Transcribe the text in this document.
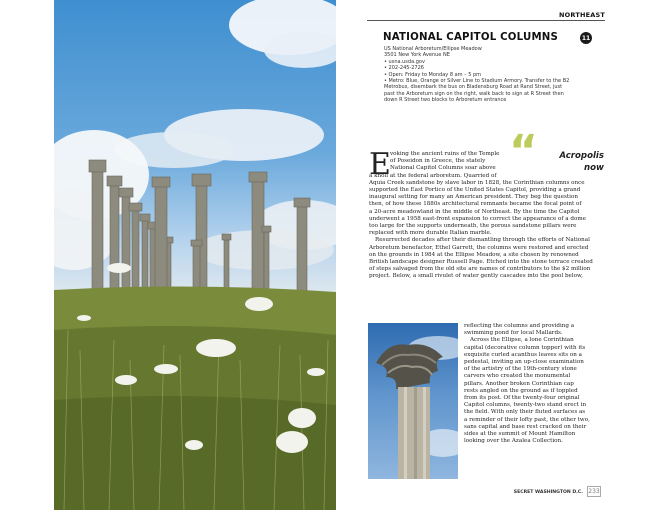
NORTHEAST
NATIONAL CAPITOL COLUMNS	11
US National Arboretum/Ellipse Meadow
3501 New York Avenue NE
• usna.usda.gov
• 202-245-2726
• Open: Friday to Monday 8 am – 5 pm
• Metro: Blue, Orange or Silver Line to Stadium Armory. Transfer to the B2
Metrobus, disembark the bus on Bladensburg Road at Rand Street, just
past the Arboretum sign on the right, walk back to sign at R Street then
down R Street two blocks to Arboretum entrance
“	Acropolis
now
E voking the ancient ruins of the Temple
of Poseidon in Greece, the stately
National Capitol Columns soar above
a knoll at the federal arboretum. Quarried of
Aquia Creek sandstone by slave labor in 1828, the Corinthian columns once
supported the East Portico of the United States Capitol, providing a grand
inaugural setting for many an American president. They beg the question
then, of how these 1880s architectural remnants became the focal point of
a 20-acre meadowland in the middle of Northeast. By the time the Capitol
underwent a 1958 east-front expansion to correct the appearance of a dome
too large for the supports underneath, the porous sandstone pillars were
replaced with more durable Italian marble.
Resurrected decades after their dismantling through the efforts of National
Arboretum benefactor, Ethel Garrett, the columns were restored and erected
on the grounds in 1984 at the Ellipse Meadow, a site chosen by renowned
British landscape designer Russell Page. Etched into the stone terrace created
of steps salvaged from the old site are names of contributors to the $2 million
project. Below, a small rivulet of water gently cascades into the pool below,
reflecting the columns and providing a
swimming pond for local Mallards.
Across the Ellipse, a lone Corinthian
capital (decorative column topper) with its
exquisite curled acanthus leaves sits on a
pedestal, inviting an up-close examination
of the artistry of the 19th-century stone
carvers who created the monumental
pillars. Another broken Corinthian cap
rests angled on the ground as if toppled
from its post. Of the twenty-four original
Capitol columns, twenty-two stand erect in
the field. With only their fluted surfaces as
a reminder of their lofty past, the other two,
sans capital and base rest cracked on their
sides at the summit of Mount Hamilton
looking over the Azalea Collection.
SECRET WASHINGTON D.C. 233
